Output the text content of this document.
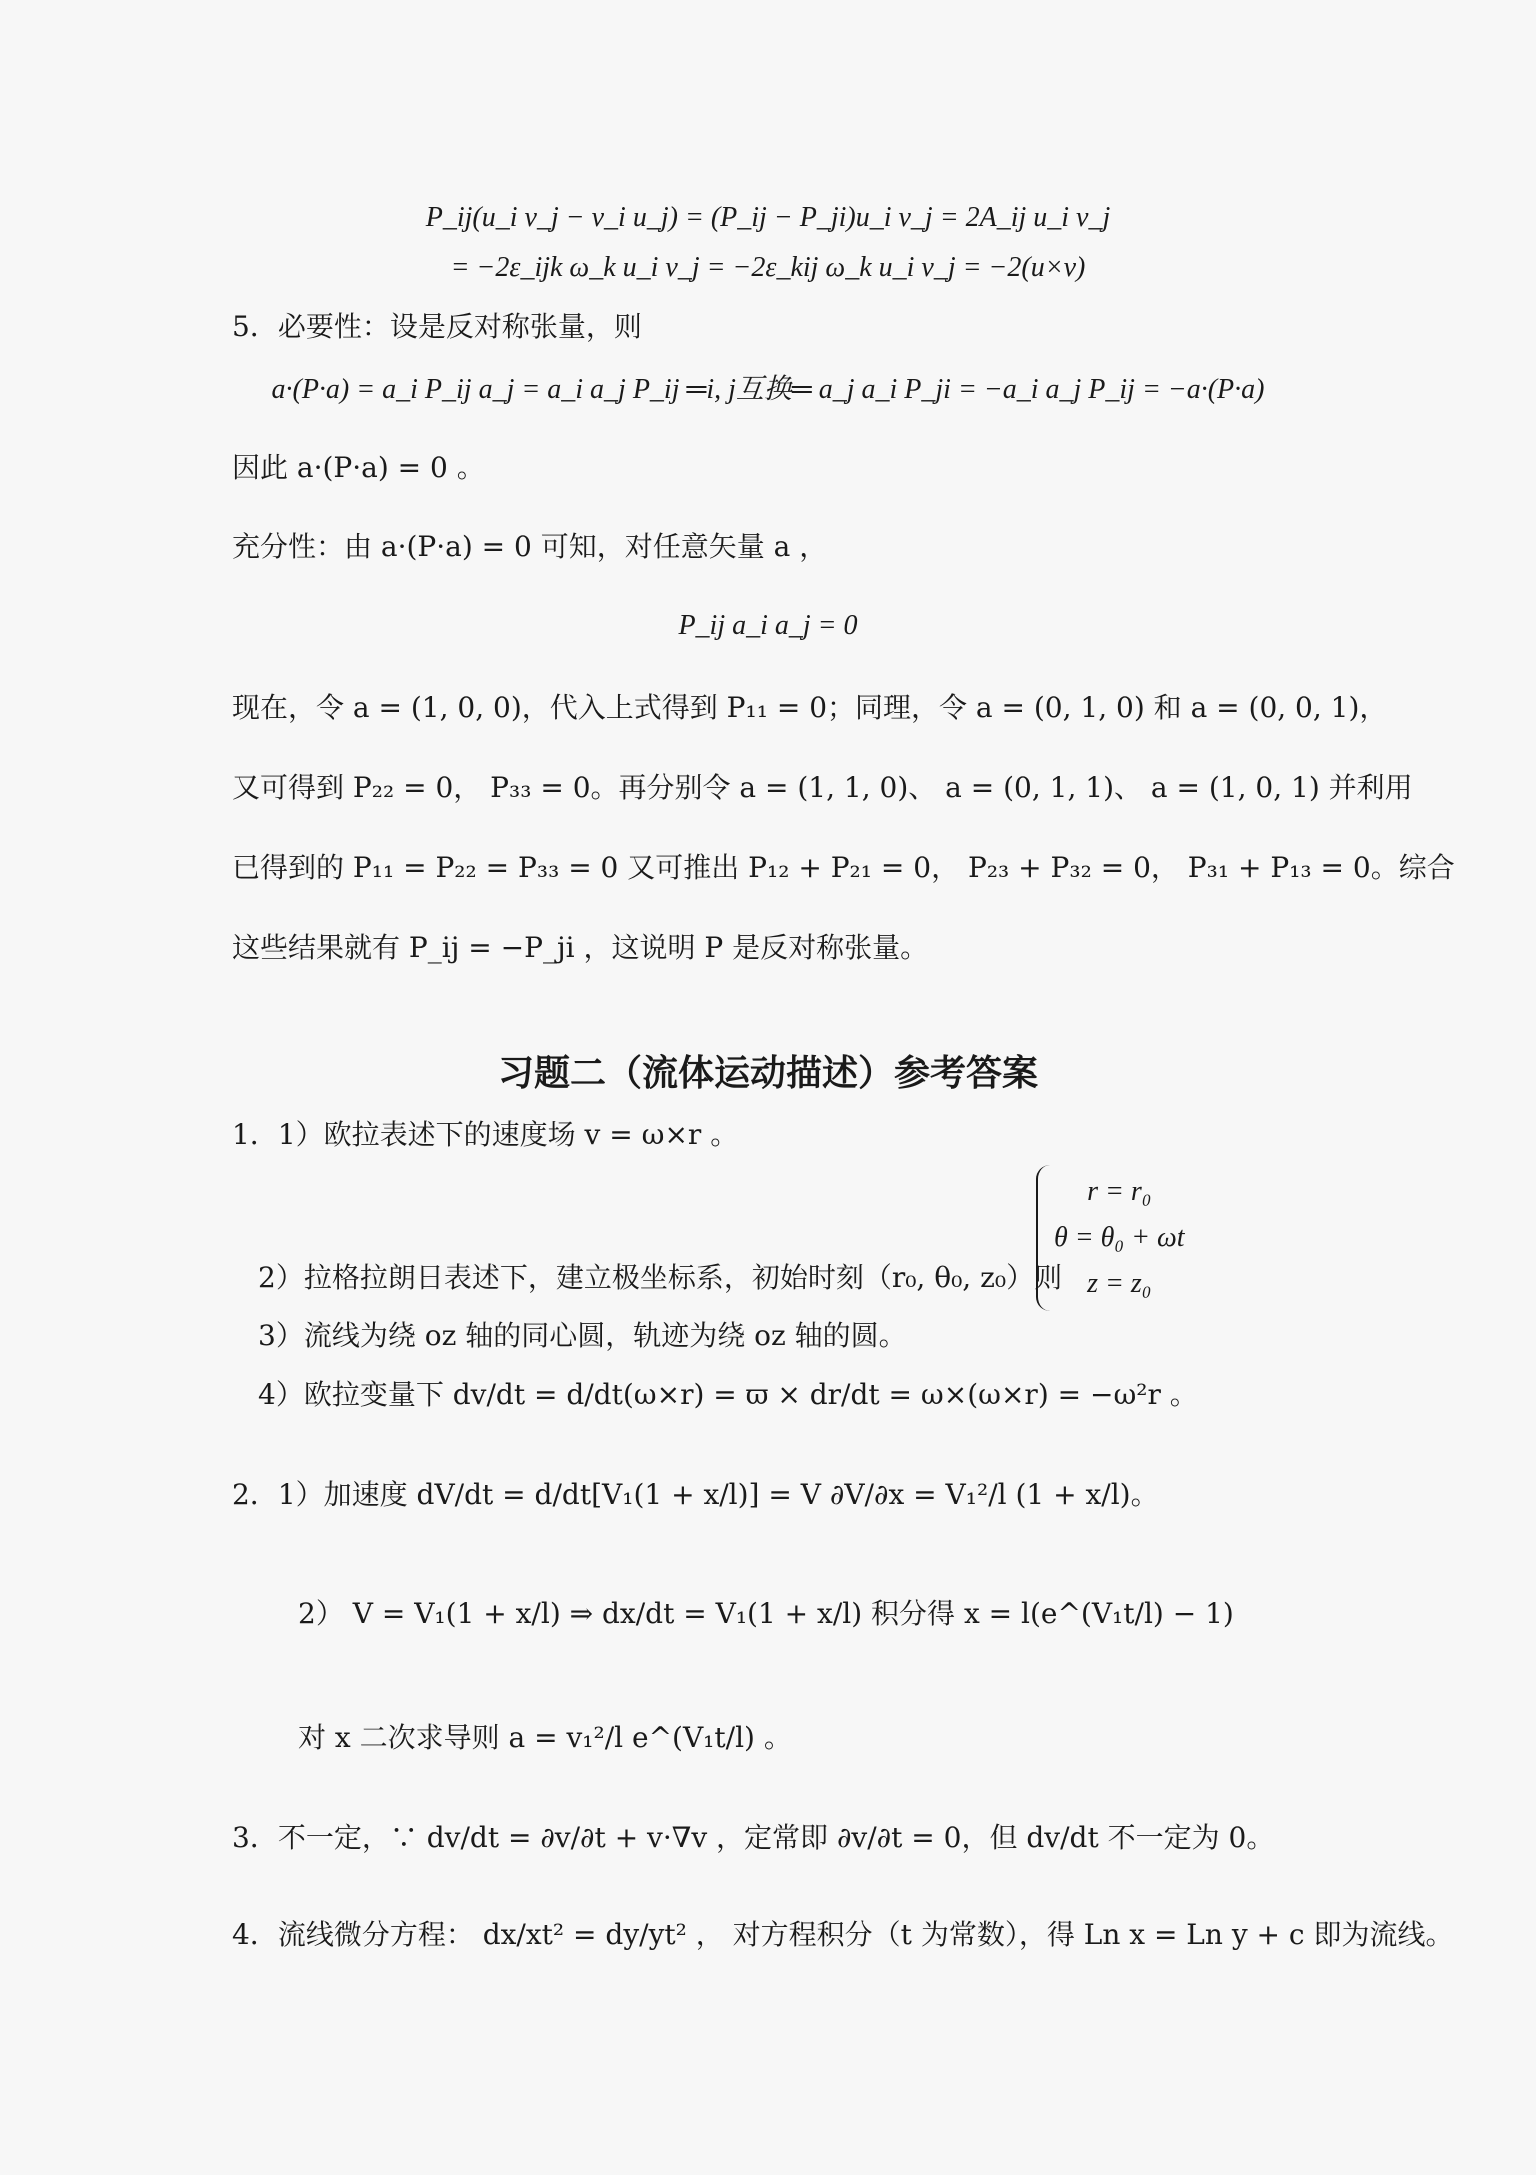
P_ij(u_i v_j − v_i u_j) = (P_ij − P_ji)u_i v_j = 2A_ij u_i v_j
= −2ε_ijk ω_k u_i v_j = −2ε_kij ω_k u_i v_j = −2(u×v)
5．必要性：设是反对称张量，则
a·(P·a) = a_i P_ij a_j = a_i a_j P_ij ═i, j互换═ a_j a_i P_ji = −a_i a_j P_ij = −a·(P·a)
因此 a·(P·a) = 0 。
充分性：由 a·(P·a) = 0 可知，对任意矢量 a ，
P_ij a_i a_j = 0
现在，令 a = (1, 0, 0)，代入上式得到 P₁₁ = 0；同理，令 a = (0, 1, 0) 和 a = (0, 0, 1)，
又可得到 P₂₂ = 0， P₃₃ = 0。再分别令 a = (1, 1, 0)、 a = (0, 1, 1)、 a = (1, 0, 1) 并利用
已得到的 P₁₁ = P₂₂ = P₃₃ = 0 又可推出 P₁₂ + P₂₁ = 0， P₂₃ + P₃₂ = 0， P₃₁ + P₁₃ = 0。综合
这些结果就有 P_ij = −P_ji ，这说明 P 是反对称张量。
习题二（流体运动描述）参考答案
1．1）欧拉表述下的速度场 v = ω×r 。
r = r₀
θ = θ₀ + ωt
z = z₀
2）拉格拉朗日表述下，建立极坐标系，初始时刻（r₀, θ₀, z₀）则
3）流线为绕 oz 轴的同心圆，轨迹为绕 oz 轴的圆。
4）欧拉变量下 dv/dt = d/dt(ω×r) = ϖ × dr/dt = ω×(ω×r) = −ω²r 。
2．1）加速度 dV/dt = d/dt[V₁(1 + x/l)] = V ∂V/∂x = V₁²/l (1 + x/l)。
2） V = V₁(1 + x/l) ⇒ dx/dt = V₁(1 + x/l) 积分得 x = l(e^(V₁t/l) − 1)
对 x 二次求导则 a = v₁²/l e^(V₁t/l) 。
3．不一定，∵ dv/dt = ∂v/∂t + v·∇v ，定常即 ∂v/∂t = 0，但 dv/dt 不一定为 0。
4．流线微分方程： dx/xt² = dy/yt² ， 对方程积分（t 为常数），得 Ln x = Ln y + c 即为流线。
